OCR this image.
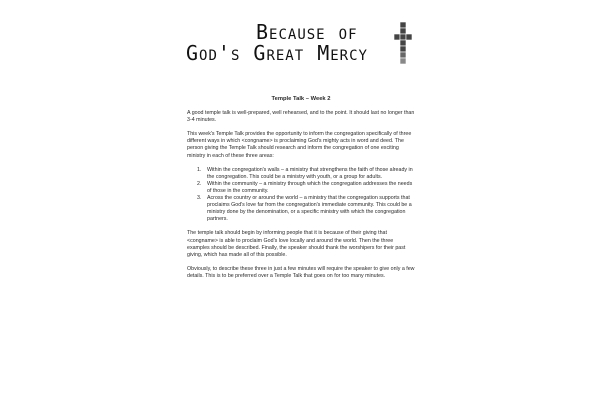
Because of
God's Great Mercy
Temple Talk – Week 2

A good temple talk is well-prepared, well rehearsed, and to the point. It should last no longer than 3-4 minutes.

This week's Temple Talk provides the opportunity to inform the congregation specifically of three different ways in which <congname> is proclaiming God's mighty acts in word and deed. The person giving the Temple Talk should research and inform the congregation of one exciting ministry in each of these three areas:

1. Within the congregation's walls – a ministry that strengthens the faith of those already in the congregation. This could be a ministry with youth, or a group for adults.
2. Within the community – a ministry through which the congregation addresses the needs of those in the community.
3. Across the country or around the world – a ministry that the congregation supports that proclaims God's love far from the congregation's immediate community. This could be a ministry done by the denomination, or a specific ministry with which the congregation partners.

The temple talk should begin by informing people that it is because of their giving that <congname> is able to proclaim God's love locally and around the world. Then the three examples should be described. Finally, the speaker should thank the worshipers for their past giving, which has made all of this possible.

Obviously, to describe these three in just a few minutes will require the speaker to give only a few details. This is to be preferred over a Temple Talk that goes on for too many minutes.
